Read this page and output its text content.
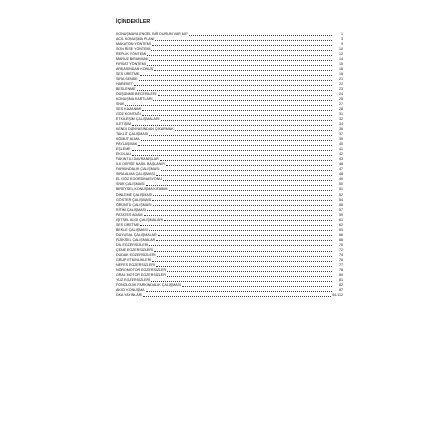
İÇİNDEKİLER
KONUŞMAYA ENGEL BİR DURUM VAR MI?	1
ACİL KONUŞMA PLANI	3
MAKATON YÖNTEMİ	9
SON RİSE YÖNTEMİ	10
REPLİK YÖNTEMİ	12
MARUZ BIRAKMAK	14
FIRSAT YÖNTEMİ	15
ARKASINDAN KONUŞ	16
SES ÜRETME	18
SIRA SENDE	21
HAREKET	22
BESLENME	23
DÜŞÜNME BECERİLERİ	24
KONUŞMA KARTLARI	25
SNIK	27
SES KAZANIMI	28
GÖZ KONTAĞI	31
ETKİLEŞİM ÇALIŞMALARI	32
İLETİŞİM	34
KENDİ DÜNYASINDAN ÇIKARMAK	36
TAKLİT ÇALIŞMASI	37
KOMUT ALMA	39
PAYLAŞMAK	40
EŞLEME	41
EKOLALİ	42
FAKINTILI DAVRANIŞLAR	43
İLK DERSE NASIL BAŞLANIR	46
FARKINDALIK ÇALIŞMASI	47
SIRA ALMA ÇALIŞMASI	48
EL GÖZ KOORDİNASYONU	49
SNIK ÇALIŞMASI	50
BİREYSEL KONUŞMA KİTABIM	51
DİNLEME ÇALIŞMASI	52
GÖSTER ÇALIŞMASI	54
ÖRÜNTÜ ÇALIŞMASI	56
RİTİM ÇALIŞMASI	57
PATATES ADAM	59
İŞİTSEL ALGI ÇALIŞMALARI	61
SES ÜRETME	62
BEKLE ÇALIŞMASI	63
DUYUSAL ÇALIŞMALAR	66
FİZİKSEL ÇALIŞMALAR	68
DİL EGZERSİZLERİ	70
ÇENE EGZERSİZLERİ	72
DUDAK EGZERSİZLERİ	74
GRUP ETKİNLİKLERİ	76
NEFES EGZERSİZLERİ	77
NÖROMOTOR EGZERSİZLER	78
ORAL MOTOR EGZERSİZLER	80
YÜZ EGZERSİZLERİ	81
FONOLOJİK FARKINDALIK ÇALIŞMASI	82
AKICI KONUŞMA	87
DKA YAYINLARI	94-112
